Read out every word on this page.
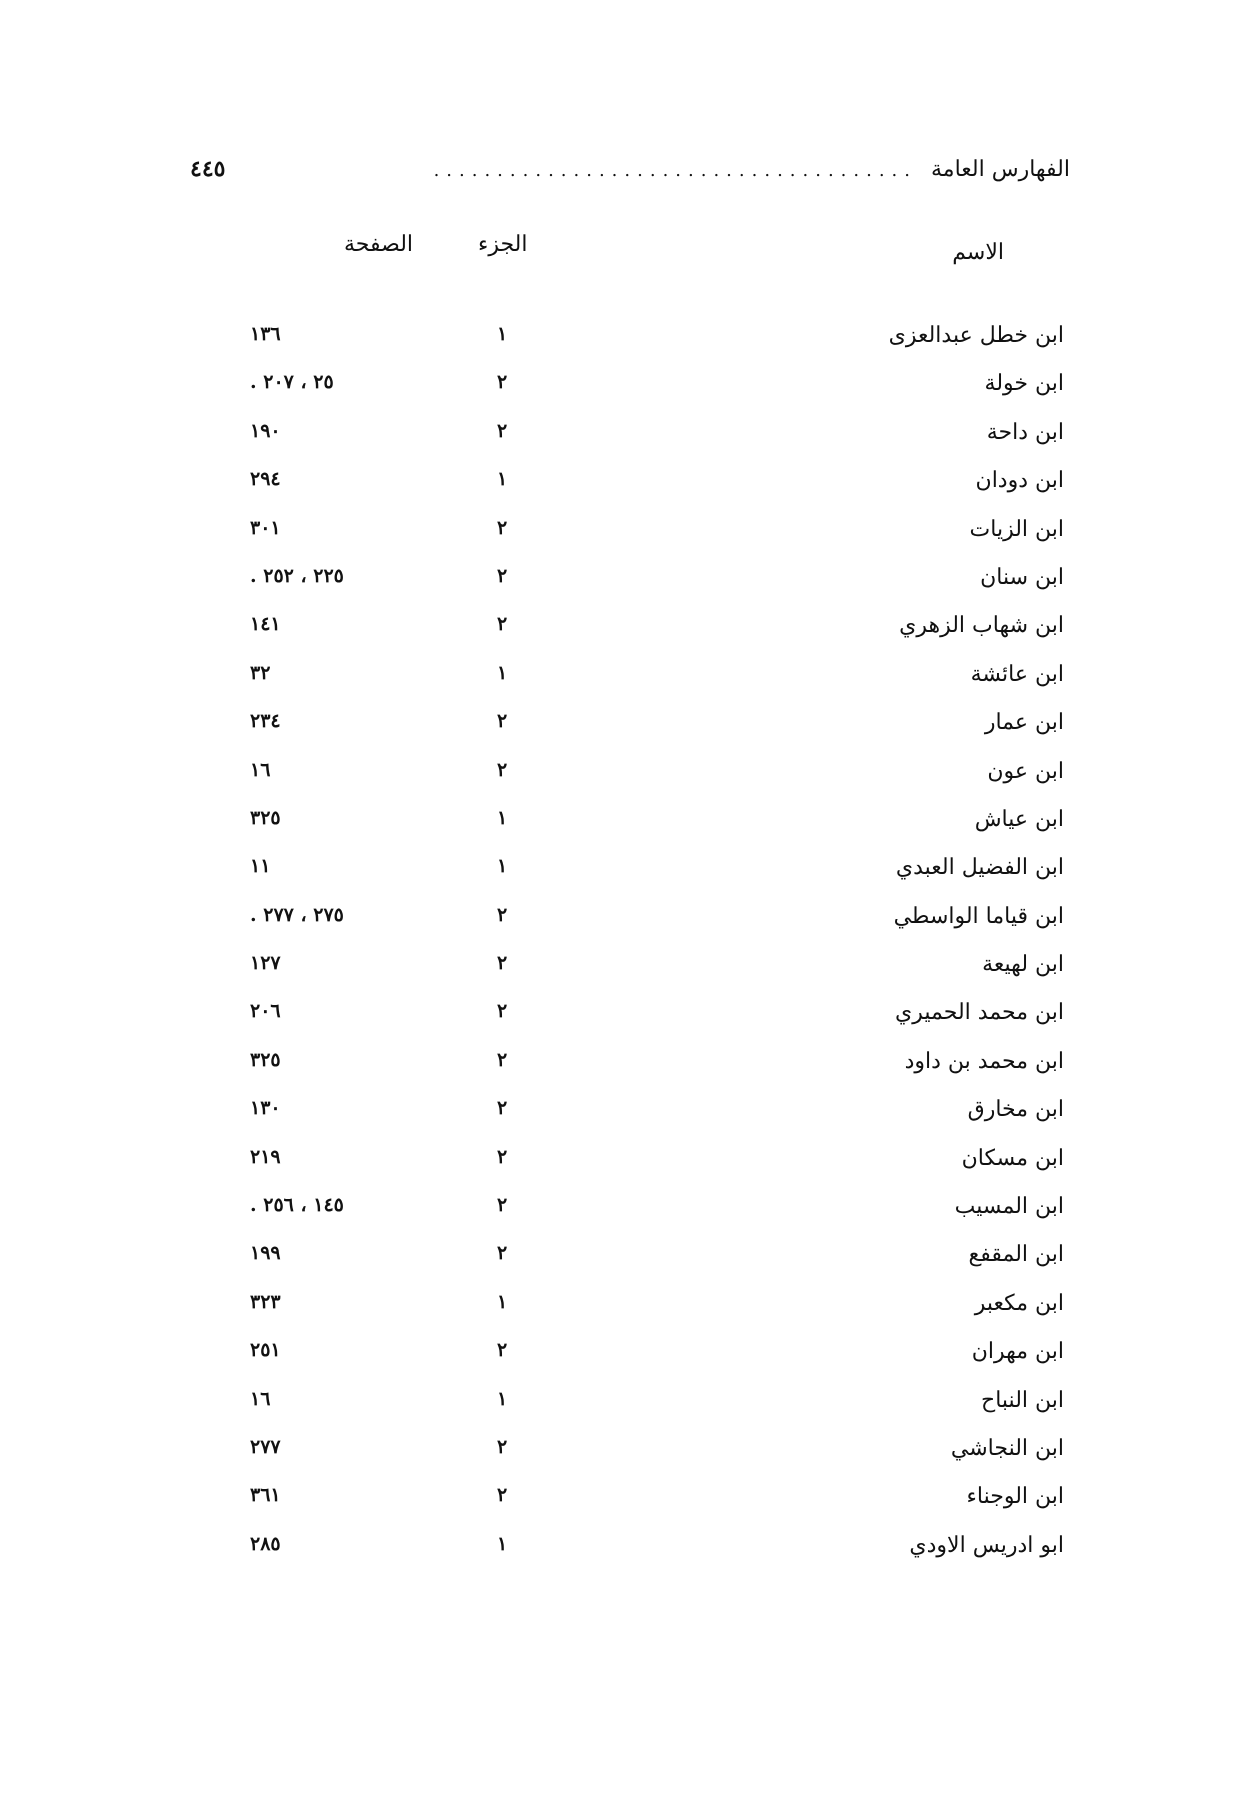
الفهارس العامة
......................................
٤٤٥
الاسم
الجزء
الصفحة
ابن خطل عبدالعزى
١
١٣٦
ابن خولة
٢
٢٥ ، ٢٠٧ .
ابن داحة
٢
١٩٠
ابن دودان
١
٢٩٤
ابن الزيات
٢
٣٠١
ابن سنان
٢
٢٢٥ ، ٢٥٢ .
ابن شهاب الزهري
٢
١٤١
ابن عائشة
١
٣٢
ابن عمار
٢
٢٣٤
ابن عون
٢
١٦
ابن عياش
١
٣٢٥
ابن الفضيل العبدي
١
١١
ابن قياما الواسطي
٢
٢٧٥ ، ٢٧٧ .
ابن لهيعة
٢
١٢٧
ابن محمد الحميري
٢
٢٠٦
ابن محمد بن داود
٢
٣٢٥
ابن مخارق
٢
١٣٠
ابن مسكان
٢
٢١٩
ابن المسيب
٢
١٤٥ ، ٢٥٦ .
ابن المقفع
٢
١٩٩
ابن مكعبر
١
٣٢٣
ابن مهران
٢
٢٥١
ابن النباح
١
١٦
ابن النجاشي
٢
٢٧٧
ابن الوجناء
٢
٣٦١
ابو ادريس الاودي
١
٢٨٥
